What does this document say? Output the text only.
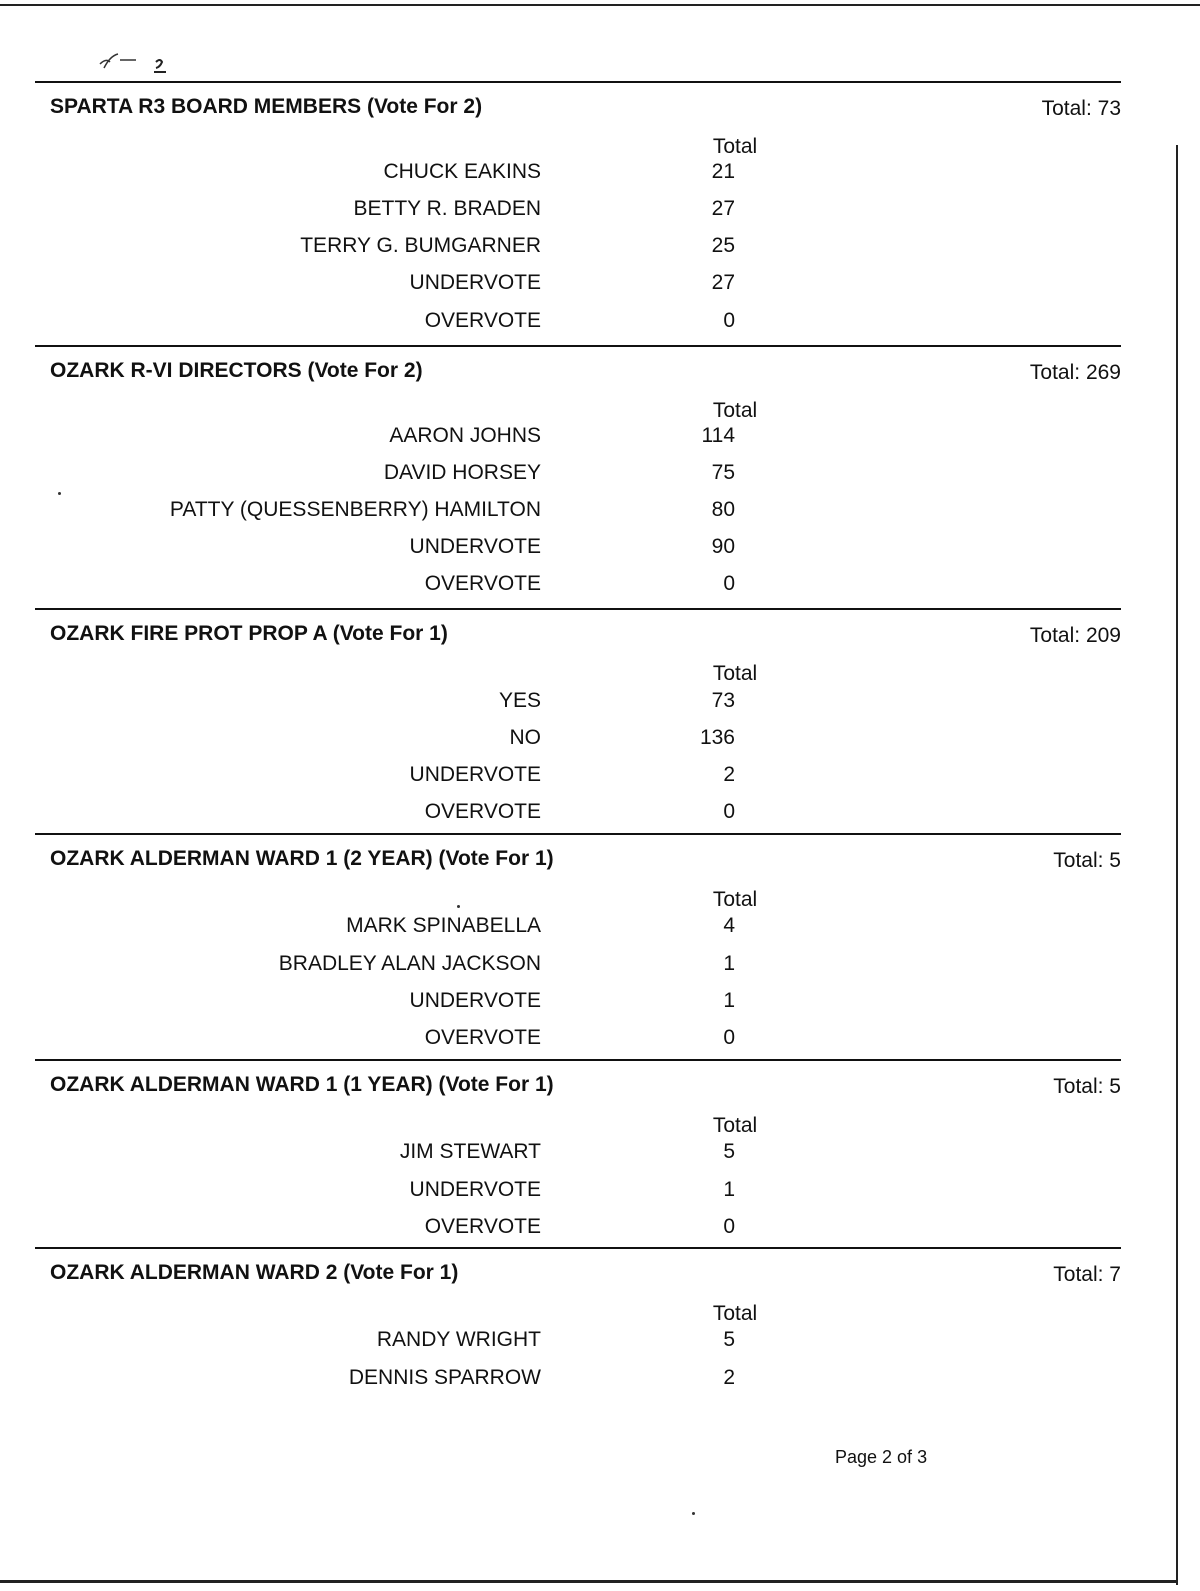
SPARTA R3 BOARD MEMBERS (Vote For 2)	Total: 73
Total
CHUCK EAKINS	21
BETTY R. BRADEN	27
TERRY G. BUMGARNER	25
UNDERVOTE	27
OVERVOTE	0
OZARK R-VI DIRECTORS (Vote For 2)	Total: 269
Total
AARON JOHNS	114
DAVID HORSEY	75
PATTY (QUESSENBERRY) HAMILTON	80
UNDERVOTE	90
OVERVOTE	0
OZARK FIRE PROT PROP A (Vote For 1)	Total: 209
Total
YES	73
NO	136
UNDERVOTE	2
OVERVOTE	0
OZARK ALDERMAN WARD 1 (2 YEAR) (Vote For 1)	Total: 5
Total
MARK SPINABELLA	4
BRADLEY ALAN JACKSON	1
UNDERVOTE	1
OVERVOTE	0
OZARK ALDERMAN WARD 1 (1 YEAR) (Vote For 1)	Total: 5
Total
JIM STEWART	5
UNDERVOTE	1
OVERVOTE	0
OZARK ALDERMAN WARD 2 (Vote For 1)	Total: 7
Total
RANDY WRIGHT	5
DENNIS SPARROW	2
Page 2 of 3
